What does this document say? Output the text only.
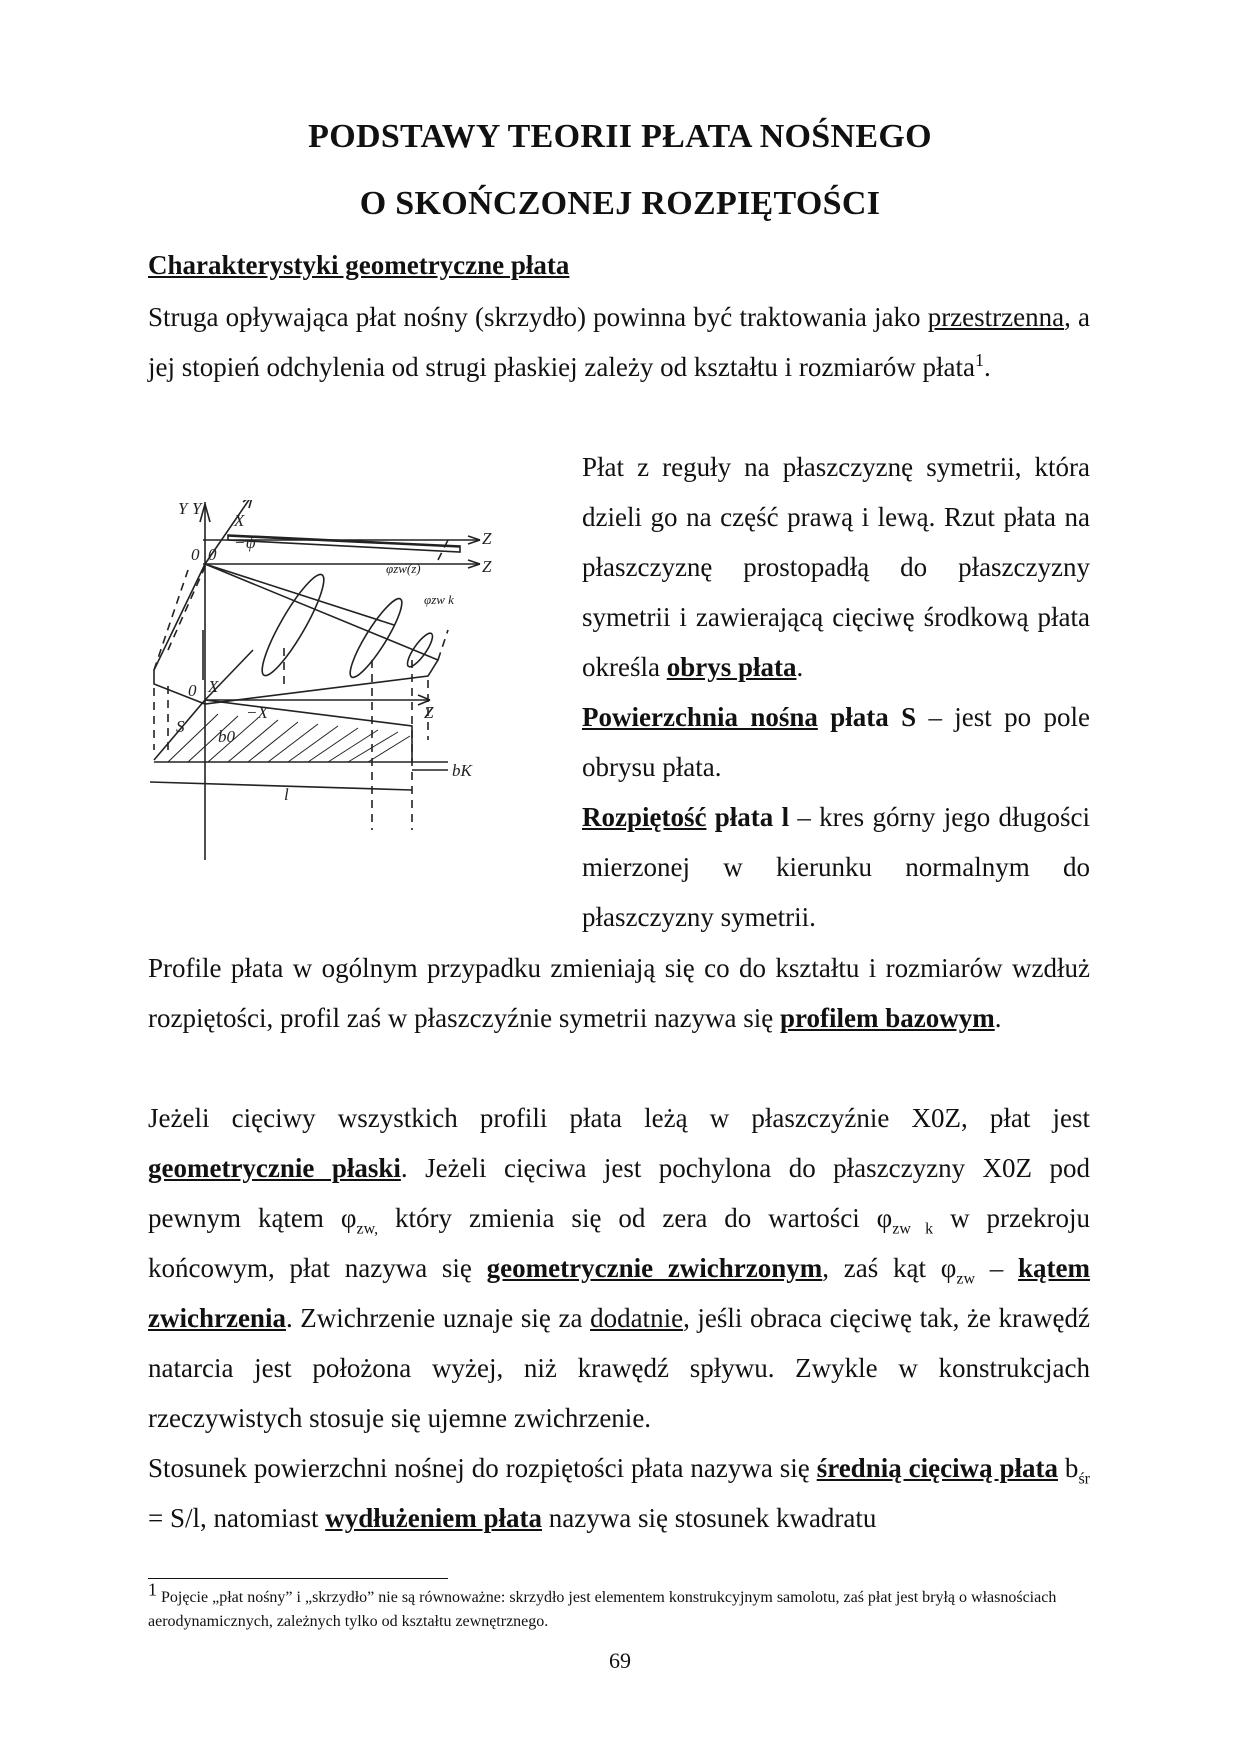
PODSTAWY TEORII PŁATA NOŚNEGO
O SKOŃCZONEJ ROZPIĘTOŚCI
Charakterystyki geometryczne płata

Struga opływająca płat nośny (skrzydło) powinna być traktowania jako przestrzenna, a jej stopień odchylenia od strugi płaskiej zależy od kształtu i rozmiarów płata$^1$.

Y Y
X
−ψ
0 0
Z
Z
φzw(z)
φzw k
0 X
−X	Z
S
b0
l
bK

Płat z reguły na płaszczyznę symetrii, która dzieli go na część prawą i lewą. Rzut płata na płaszczyznę prostopadłą do płaszczyzny symetrii i zawierającą cięciwę środkową płata określa obrys płata.

Powierzchnia nośna płata S – jest po pole obrysu płata.

Rozpiętość płata l – kres górny jego długości mierzonej w kierunku normalnym do płaszczyzny symetrii.

Profile płata w ogólnym przypadku zmieniają się co do kształtu i rozmiarów wzdłuż rozpiętości, profil zaś w płaszczyźnie symetrii nazywa się profilem bazowym.

Jeżeli cięciwy wszystkich profili płata leżą w płaszczyźnie X0Z, płat jest geometrycznie płaski. Jeżeli cięciwa jest pochylona do płaszczyzny X0Z pod pewnym kątem $\varphi_{zw,}$ który zmienia się od zera do wartości $\varphi_{zw k}$ w przekroju końcowym, płat nazywa się geometrycznie zwichrzonym, zaś kąt $\varphi_{zw}$ – kątem zwichrzenia. Zwichrzenie uznaje się za dodatnie, jeśli obraca cięciwę tak, że krawędź natarcia jest położona wyżej, niż krawędź spływu. Zwykle w konstrukcjach rzeczywistych stosuje się ujemne zwichrzenie.

Stosunek powierzchni nośnej do rozpiętości płata nazywa się średnią cięciwą płata $b_{śr} = S/l$, natomiast wydłużeniem płata nazywa się stosunek kwadratu

$^1$ Pojęcie „płat nośny” i „skrzydło” nie są równoważne: skrzydło jest elementem konstrukcyjnym samolotu, zaś płat jest bryłą o własnościach aerodynamicznych, zależnych tylko od kształtu zewnętrznego.

69
